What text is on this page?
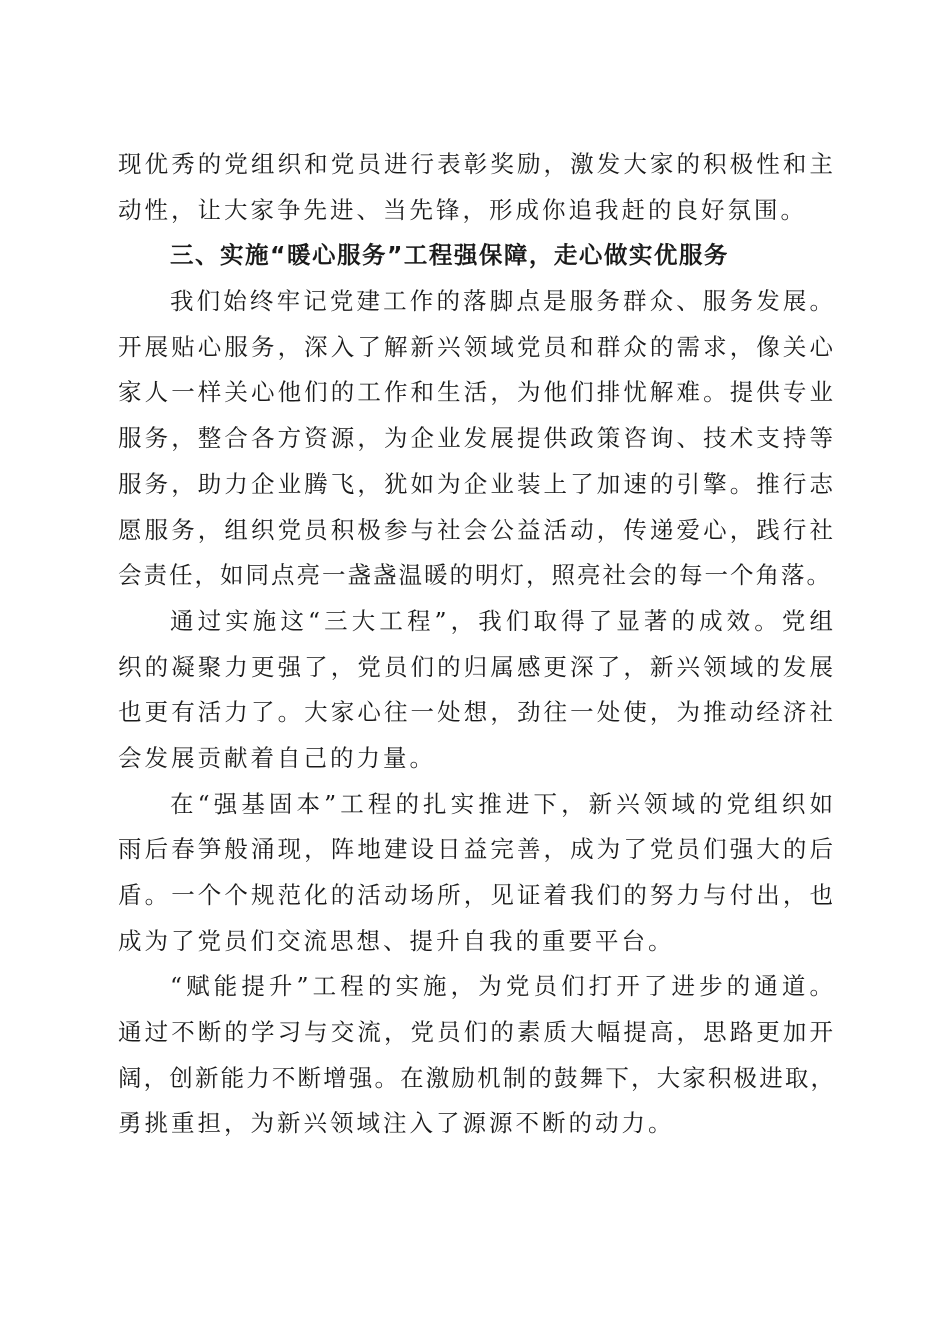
现优秀的党组织和党员进行表彰奖励，激发大家的积极性和主
动性，让大家争先进、当先锋，形成你追我赶的良好氛围。
三、实施“暖心服务”工程强保障，走心做实优服务
我们始终牢记党建工作的落脚点是服务群众、服务发展。
开展贴心服务，深入了解新兴领域党员和群众的需求，像关心
家人一样关心他们的工作和生活，为他们排忧解难。提供专业
服务，整合各方资源，为企业发展提供政策咨询、技术支持等
服务，助力企业腾飞，犹如为企业装上了加速的引擎。推行志
愿服务，组织党员积极参与社会公益活动，传递爱心，践行社
会责任，如同点亮一盏盏温暖的明灯，照亮社会的每一个角落。
通过实施这“三大工程”，我们取得了显著的成效。党组
织的凝聚力更强了，党员们的归属感更深了，新兴领域的发展
也更有活力了。大家心往一处想，劲往一处使，为推动经济社
会发展贡献着自己的力量。
在“强基固本”工程的扎实推进下，新兴领域的党组织如
雨后春笋般涌现，阵地建设日益完善，成为了党员们强大的后
盾。一个个规范化的活动场所，见证着我们的努力与付出，也
成为了党员们交流思想、提升自我的重要平台。
“赋能提升”工程的实施，为党员们打开了进步的通道。
通过不断的学习与交流，党员们的素质大幅提高，思路更加开
阔，创新能力不断增强。在激励机制的鼓舞下，大家积极进取，
勇挑重担，为新兴领域注入了源源不断的动力。
